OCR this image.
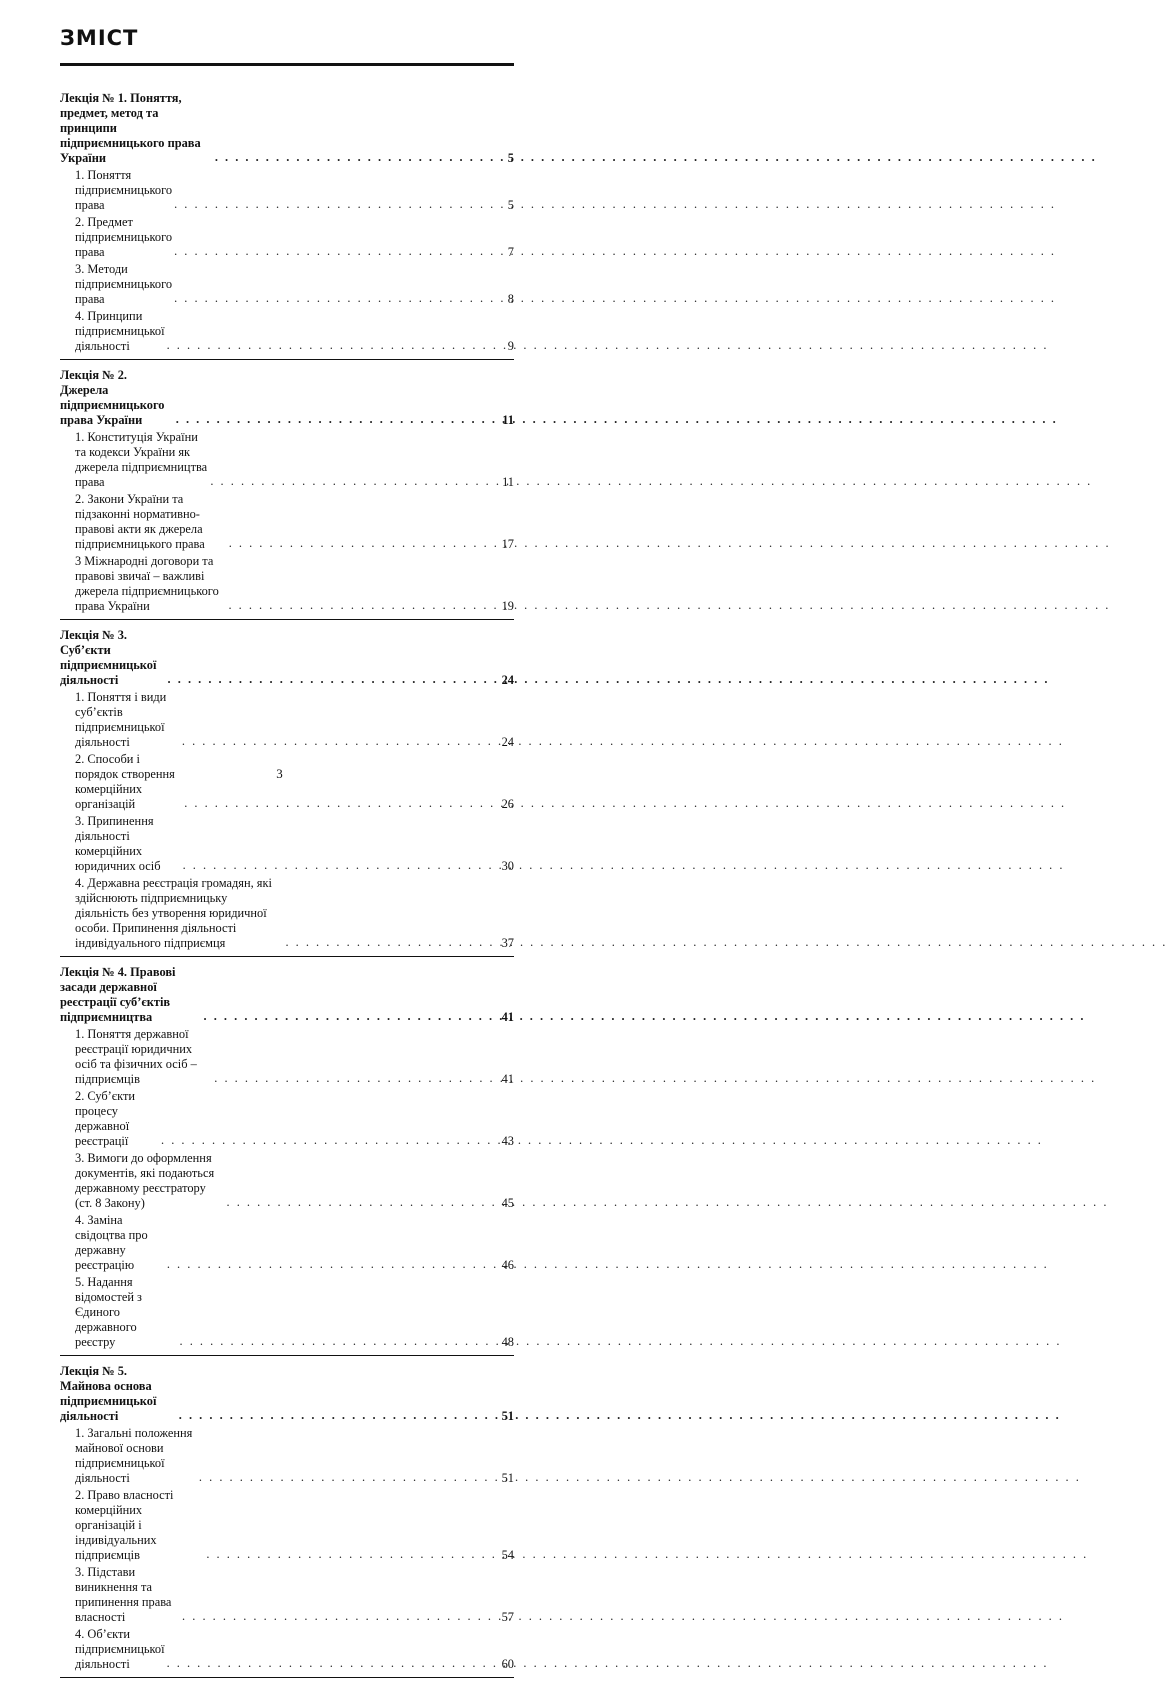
ЗМІСТ
Лекція № 1. Поняття, предмет, метод та принципи підприємницького права України . . .	5
1. Поняття підприємницького права . . .	5
2. Предмет підприємницького права . . .	7
3. Методи підприємницького права . . .	8
4. Принципи підприємницької діяльності . . .	9
Лекція № 2. Джерела підприємницького права України . . .	11
1. Конституція України та кодекси України як джерела підприємництва права . . .	11
2. Закони України та підзаконні нормативно-правові акти як джерела підприємницького права . . .	17
3 Міжнародні договори та правові звичаї – важливі джерела підприємницького права України . . .	19
Лекція № 3. Суб’єкти підприємницької діяльності . . .	24
1. Поняття і види суб’єктів підприємницької діяльності . . .	24
2. Способи і порядок створення комерційних організацій . . .	26
3. Припинення діяльності комерційних юридичних осіб . . .	30
4. Державна реєстрація громадян, які здійснюють підприємницьку діяльність без утворення юридичної особи. Припинення діяльності індивідуального підприємця . . .	37
Лекція № 4. Правові засади державної реєстрації суб’єктів підприємництва . . .	41
1. Поняття державної реєстрації юридичних осіб та фізичних осіб – підприємців . . .	41
2. Суб’єкти процесу державної реєстрації . . .	43
3. Вимоги до оформлення документів, які подаються державному реєстратору (ст. 8 Закону) . . .	45
4. Заміна свідоцтва про державну реєстрацію . . .	46
5. Надання відомостей з Єдиного державного реєстру . . .	48
Лекція № 5. Майнова основа підприємницької діяльності . . .	51
1. Загальні положення майнової основи підприємницької діяльності . . .	51
2. Право власності комерційних організацій і індивідуальних підприємців . . .	54
3. Підстави виникнення та припинення права власності . . .	57
4. Об’єкти підприємницької діяльності . . .	60
3
